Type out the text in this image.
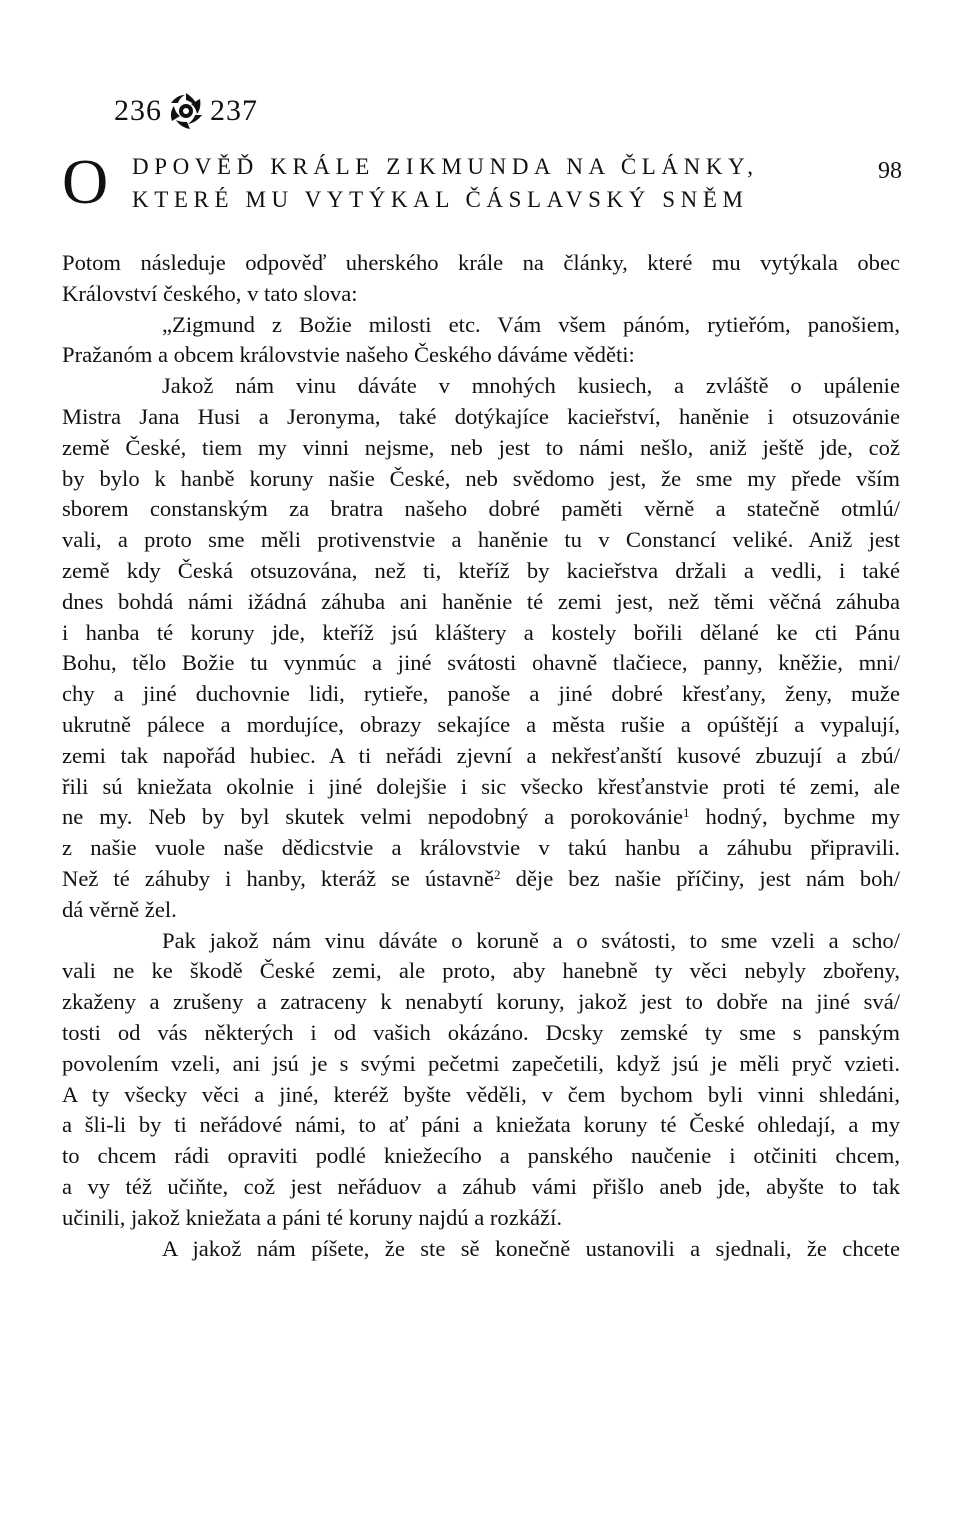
236 237
O DPOVĚĎ KRÁLE ZIKMUNDA NA ČLÁNKY,
KTERÉ MU VYTÝKAL ČÁSLAVSKÝ SNĚM
98
Potom následuje odpověď uherského krále na články, které mu vytýkala obec
Království českého, v tato slova:
„Zigmund z Božie milosti etc. Vám všem pánóm, rytieřóm, panošiem,
Pražanóm a obcem královstvie našeho Českého dáváme věděti:
Jakož nám vinu dáváte v mnohých kusiech, a zvláště o upálenie
Mistra Jana Husi a Jeronyma, také dotýkajíce kacieřství, haněnie i otsuzovánie
země České, tiem my vinni nejsme, neb jest to námi nešlo, aniž ještě jde, což
by bylo k hanbě koruny našie České, neb svědomo jest, že sme my přede vším
sborem constanským za bratra našeho dobré paměti věrně a statečně otmlú/
vali, a proto sme měli protivenstvie a haněnie tu v Constancí veliké. Aniž jest
země kdy Česká otsuzována, než ti, kteříž by kacieřstva držali a vedli, i také
dnes bohdá námi ižádná záhuba ani haněnie té zemi jest, než těmi věčná záhuba
i hanba té koruny jde, kteříž jsú kláštery a kostely bořili dělané ke cti Pánu
Bohu, tělo Božie tu vynmúc a jiné svátosti ohavně tlačiece, panny, kněžie, mni/
chy a jiné duchovnie lidi, rytieře, panoše a jiné dobré křesťany, ženy, muže
ukrutně pálece a mordujíce, obrazy sekajíce a města rušie a opúštějí a vypalují,
zemi tak napořád hubiec. A ti neřádi zjevní a nekřesťanští kusové zbuzují a zbú/
řili sú kniežata okolnie i jiné dolejšie i sic všecko křesťanstvie proti té zemi, ale
ne my. Neb by byl skutek velmi nepodobný a porokovánie$^1$ hodný, bychme my
z našie vuole naše dědicstvie a královstvie v takú hanbu a záhubu připravili.
Než té záhuby i hanby, kteráž se ústavně$^2$ děje bez našie příčiny, jest nám boh/
dá věrně žel.
Pak jakož nám vinu dáváte o koruně a o svátosti, to sme vzeli a scho/
vali ne ke škodě České zemi, ale proto, aby hanebně ty věci nebyly zbořeny,
zkaženy a zrušeny a zatraceny k nenabytí koruny, jakož jest to dobře na jiné svá/
tosti od vás některých i od vašich okázáno. Dcsky zemské ty sme s panským
povolením vzeli, ani jsú je s svými pečetmi zapečetili, když jsú je měli pryč vzieti.
A ty všecky věci a jiné, kteréž byšte věděli, v čem bychom byli vinni shledáni,
a šli-li by ti neřádové námi, to ať páni a kniežata koruny té České ohledají, a my
to chcem rádi opraviti podlé kniežecího a panského naučenie i otčiniti chcem,
a vy též učiňte, což jest neřáduov a záhub vámi přišlo aneb jde, abyšte to tak
učinili, jakož kniežata a páni té koruny najdú a rozkáží.
A jakož nám píšete, že ste sě konečně ustanovili a sjednali, že chcete
